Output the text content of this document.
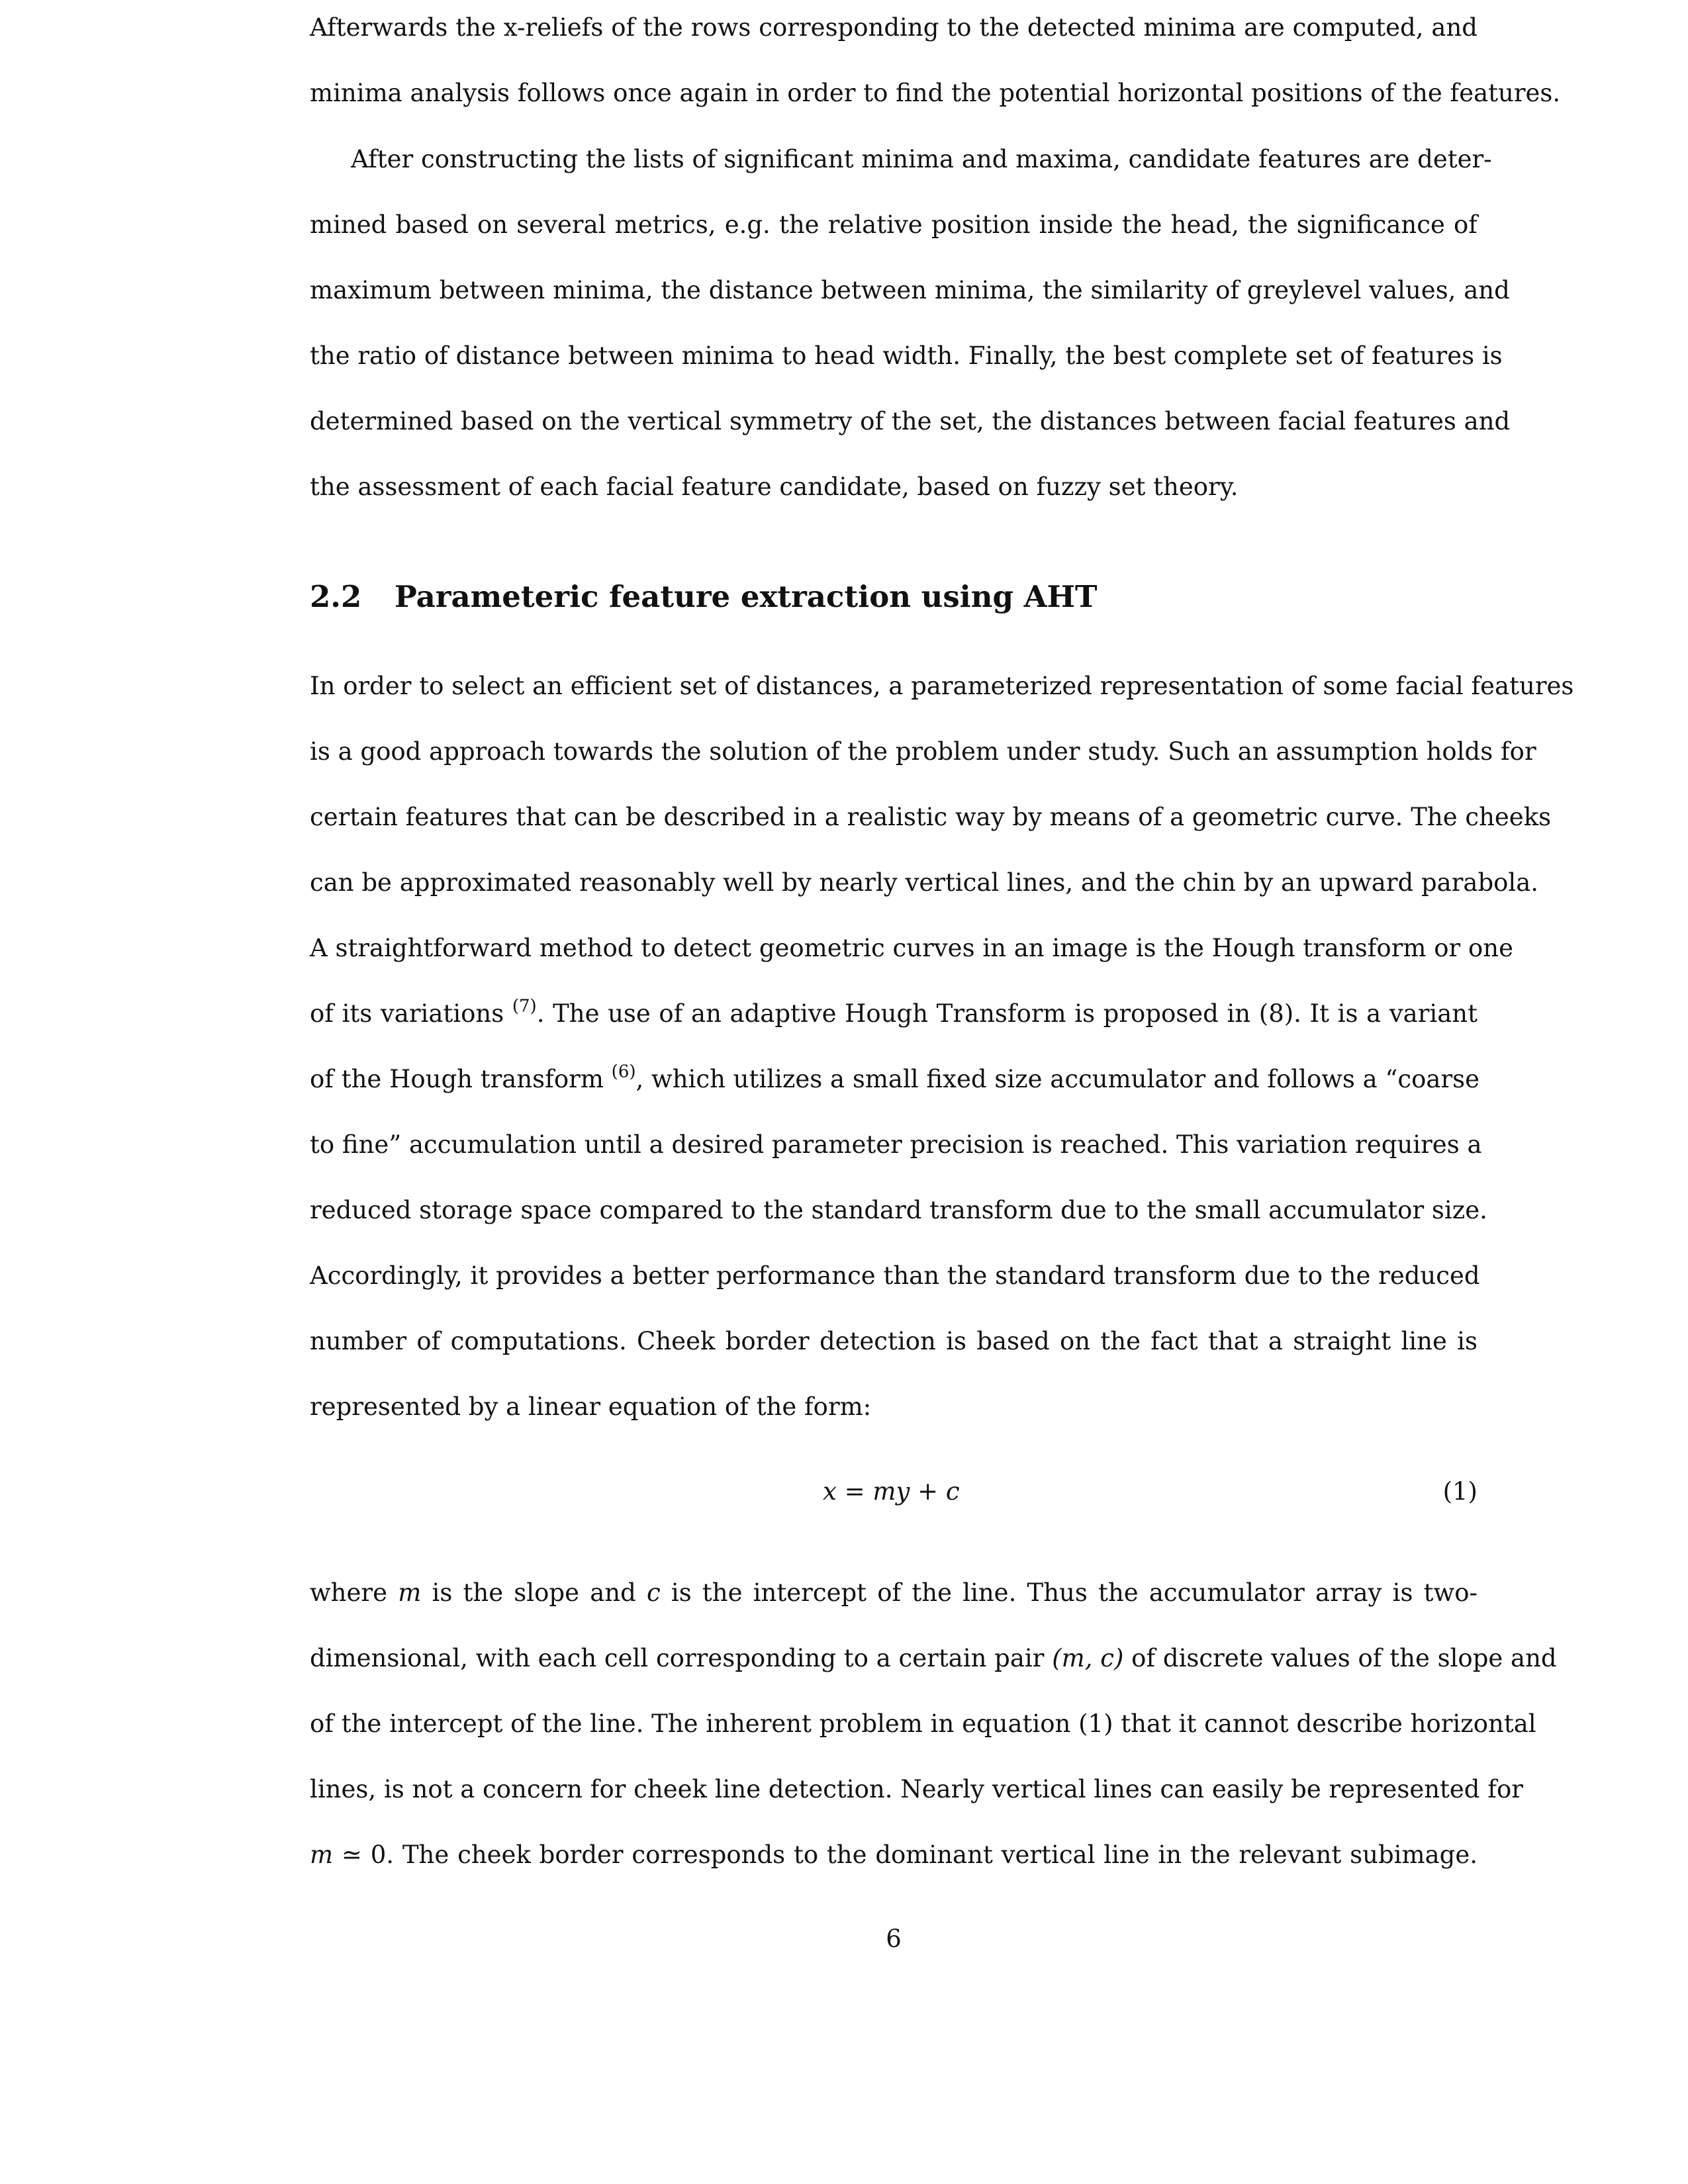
Afterwards the x-reliefs of the rows corresponding to the detected minima are computed, and
minima analysis follows once again in order to find the potential horizontal positions of the features.
After constructing the lists of significant minima and maxima, candidate features are deter-
mined based on several metrics, e.g. the relative position inside the head, the significance of
maximum between minima, the distance between minima, the similarity of greylevel values, and
the ratio of distance between minima to head width. Finally, the best complete set of features is
determined based on the vertical symmetry of the set, the distances between facial features and
the assessment of each facial feature candidate, based on fuzzy set theory.
2.2 Parameteric feature extraction using AHT
In order to select an efficient set of distances, a parameterized representation of some facial features
is a good approach towards the solution of the problem under study. Such an assumption holds for
certain features that can be described in a realistic way by means of a geometric curve. The cheeks
can be approximated reasonably well by nearly vertical lines, and the chin by an upward parabola.
A straightforward method to detect geometric curves in an image is the Hough transform or one
of its variations $^{(7)}$. The use of an adaptive Hough Transform is proposed in (8). It is a variant
of the Hough transform $^{(6)}$, which utilizes a small fixed size accumulator and follows a “coarse
to fine” accumulation until a desired parameter precision is reached. This variation requires a
reduced storage space compared to the standard transform due to the small accumulator size.
Accordingly, it provides a better performance than the standard transform due to the reduced
number of computations. Cheek border detection is based on the fact that a straight line is
represented by a linear equation of the form:
x = my + c	(1)
where m is the slope and c is the intercept of the line. Thus the accumulator array is two-
dimensional, with each cell corresponding to a certain pair (m, c) of discrete values of the slope and
of the intercept of the line. The inherent problem in equation (1) that it cannot describe horizontal
lines, is not a concern for cheek line detection. Nearly vertical lines can easily be represented for
m ≃ 0. The cheek border corresponds to the dominant vertical line in the relevant subimage.
6
